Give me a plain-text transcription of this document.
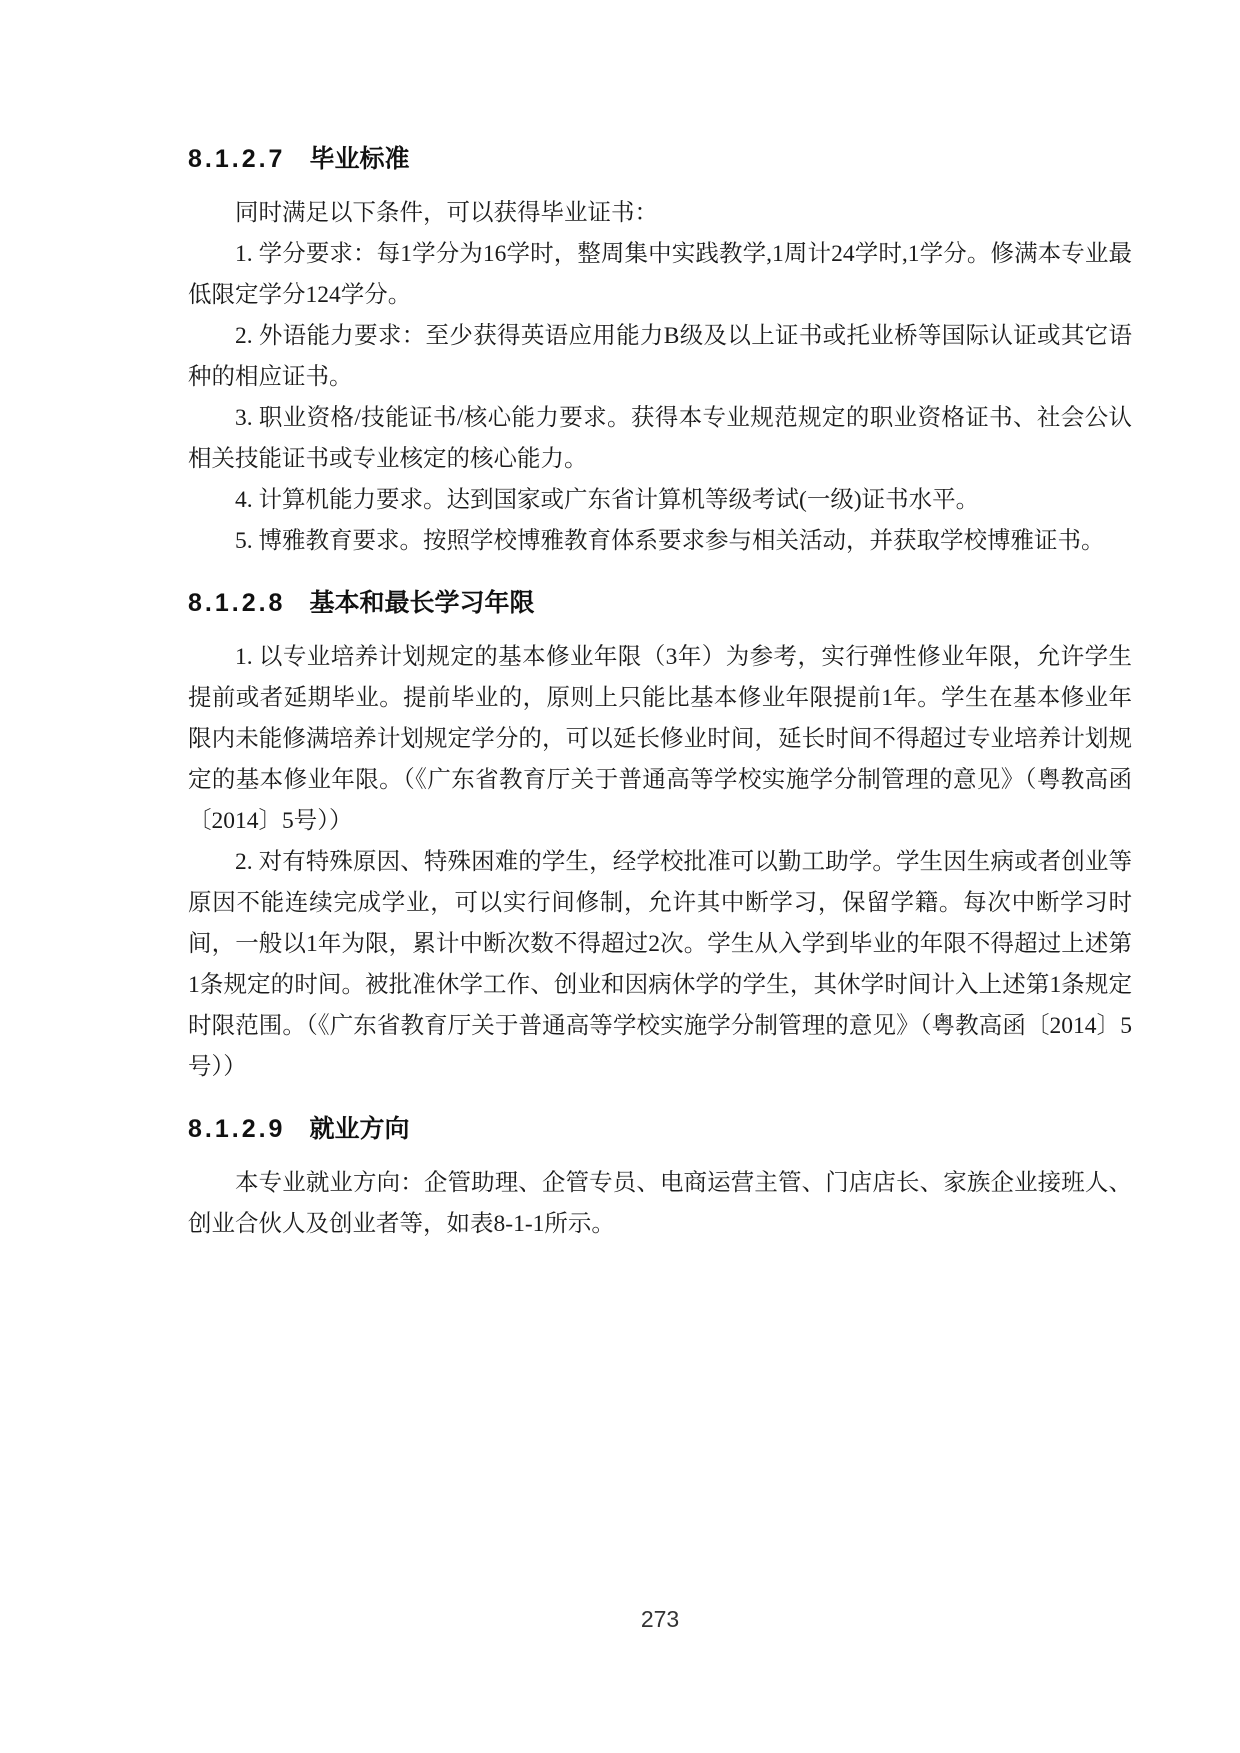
8.1.2.7 毕业标准

同时满足以下条件，可以获得毕业证书：

1. 学分要求：每1学分为16学时，整周集中实践教学,1周计24学时,1学分。修满本专业最低限定学分124学分。

2. 外语能力要求：至少获得英语应用能力B级及以上证书或托业桥等国际认证或其它语种的相应证书。

3. 职业资格/技能证书/核心能力要求。获得本专业规范规定的职业资格证书、社会公认相关技能证书或专业核定的核心能力。

4. 计算机能力要求。达到国家或广东省计算机等级考试(一级)证书水平。

5. 博雅教育要求。按照学校博雅教育体系要求参与相关活动，并获取学校博雅证书。

8.1.2.8 基本和最长学习年限

1. 以专业培养计划规定的基本修业年限（3年）为参考，实行弹性修业年限，允许学生提前或者延期毕业。提前毕业的，原则上只能比基本修业年限提前1年。学生在基本修业年限内未能修满培养计划规定学分的，可以延长修业时间，延长时间不得超过专业培养计划规定的基本修业年限。（《广东省教育厅关于普通高等学校实施学分制管理的意见》（粤教高函〔2014〕5号））

2. 对有特殊原因、特殊困难的学生，经学校批准可以勤工助学。学生因生病或者创业等原因不能连续完成学业，可以实行间修制，允许其中断学习，保留学籍。每次中断学习时间，一般以1年为限，累计中断次数不得超过2次。学生从入学到毕业的年限不得超过上述第1条规定的时间。被批准休学工作、创业和因病休学的学生，其休学时间计入上述第1条规定时限范围。（《广东省教育厅关于普通高等学校实施学分制管理的意见》（粤教高函〔2014〕5号））

8.1.2.9 就业方向

本专业就业方向：企管助理、企管专员、电商运营主管、门店店长、家族企业接班人、创业合伙人及创业者等，如表8-1-1所示。

273
